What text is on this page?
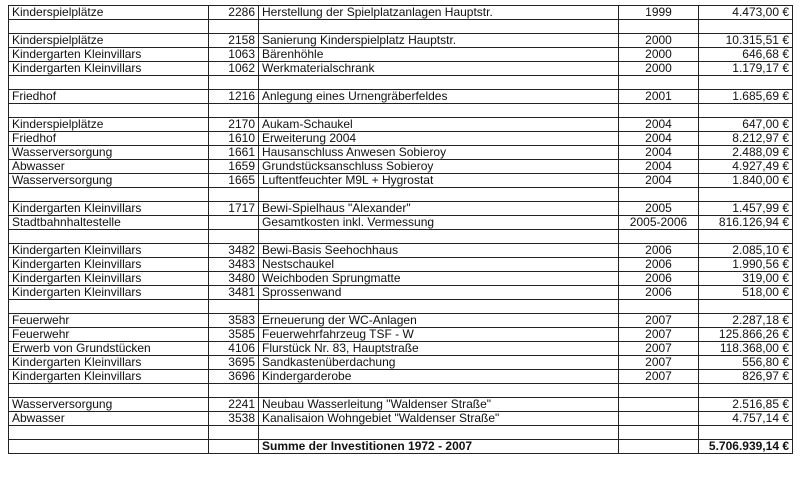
Kinderspielplätze	2286	Herstellung der Spielplatzanlagen Hauptstr.	1999	4.473,00 €

Kinderspielplätze	2158	Sanierung Kinderspielplatz Hauptstr.	2000	10.315,51 €
Kindergarten Kleinvillars	1063	Bärenhöhle	2000	646,68 €
Kindergarten Kleinvillars	1062	Werkmaterialschrank	2000	1.179,17 €

Friedhof	1216	Anlegung eines Urnengräberfeldes	2001	1.685,69 €

Kinderspielplätze	2170	Aukam-Schaukel	2004	647,00 €
Friedhof	1610	Erweiterung 2004	2004	8.212,97 €
Wasserversorgung	1661	Hausanschluss Anwesen Sobieroy	2004	2.488,09 €
Abwasser	1659	Grundstücksanschluss Sobieroy	2004	4.927,49 €
Wasserversorgung	1665	Luftentfeuchter M9L + Hygrostat	2004	1.840,00 €

Kindergarten Kleinvillars	1717	Bewi-Spielhaus "Alexander"	2005	1.457,99 €
Stadtbahnhaltestelle		Gesamtkosten inkl. Vermessung	2005-2006	816.126,94 €

Kindergarten Kleinvillars	3482	Bewi-Basis Seehochhaus	2006	2.085,10 €
Kindergarten Kleinvillars	3483	Nestschaukel	2006	1.990,56 €
Kindergarten Kleinvillars	3480	Weichboden Sprungmatte	2006	319,00 €
Kindergarten Kleinvillars	3481	Sprossenwand	2006	518,00 €

Feuerwehr	3583	Erneuerung der WC-Anlagen	2007	2.287,18 €
Feuerwehr	3585	Feuerwehrfahrzeug TSF - W	2007	125.866,26 €
Erwerb von Grundstücken	4106	Flurstück Nr. 83, Hauptstraße	2007	118.368,00 €
Kindergarten Kleinvillars	3695	Sandkastenüberdachung	2007	556,80 €
Kindergarten Kleinvillars	3696	Kindergarderobe	2007	826,97 €

Wasserversorgung	2241	Neubau Wasserleitung "Waldenser Straße"		2.516,85 €
Abwasser	3538	Kanalisaion Wohngebiet "Waldenser Straße"		4.757,14 €

		Summe der Investitionen 1972 - 2007		5.706.939,14 €
